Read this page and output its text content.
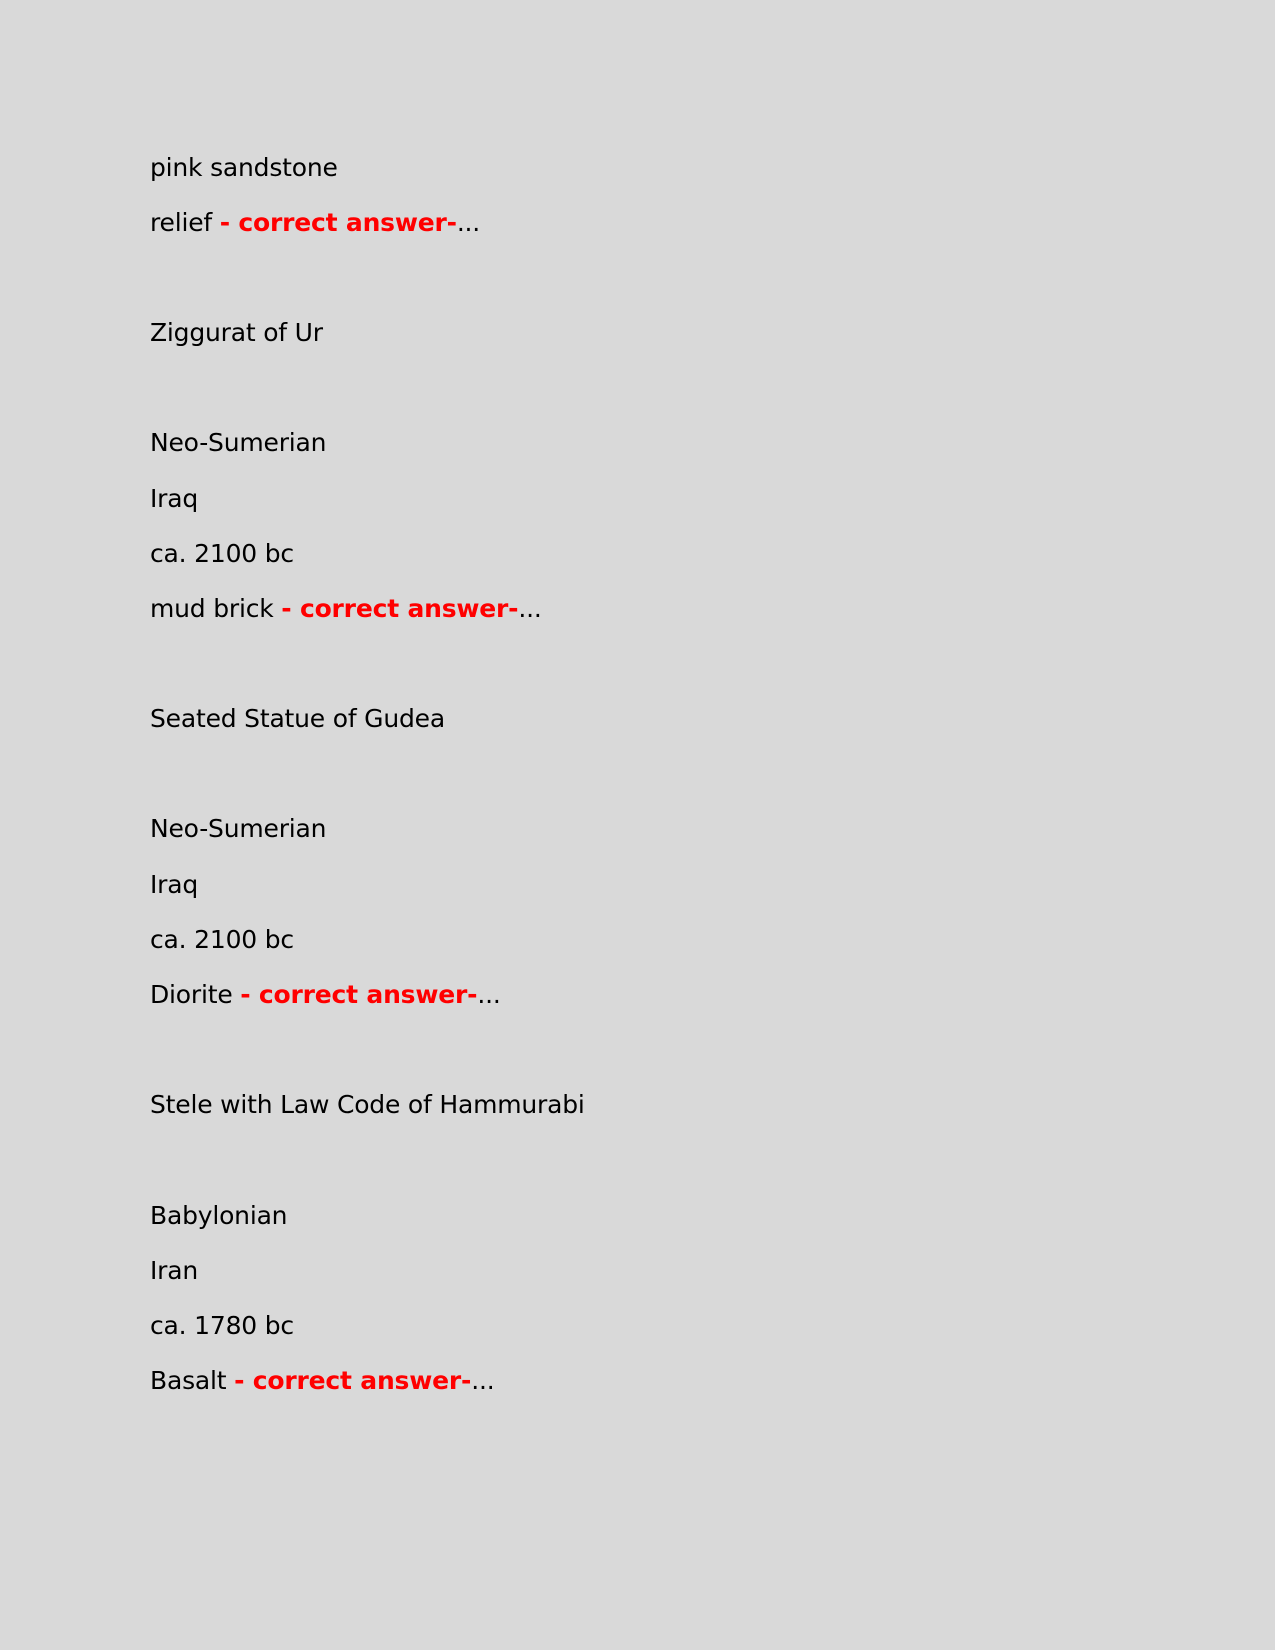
pink sandstone
relief - correct answer-...
Ziggurat of Ur
Neo-Sumerian
Iraq
ca. 2100 bc
mud brick - correct answer-...
Seated Statue of Gudea
Neo-Sumerian
Iraq
ca. 2100 bc
Diorite - correct answer-...
Stele with Law Code of Hammurabi
Babylonian
Iran
ca. 1780 bc
Basalt - correct answer-...
